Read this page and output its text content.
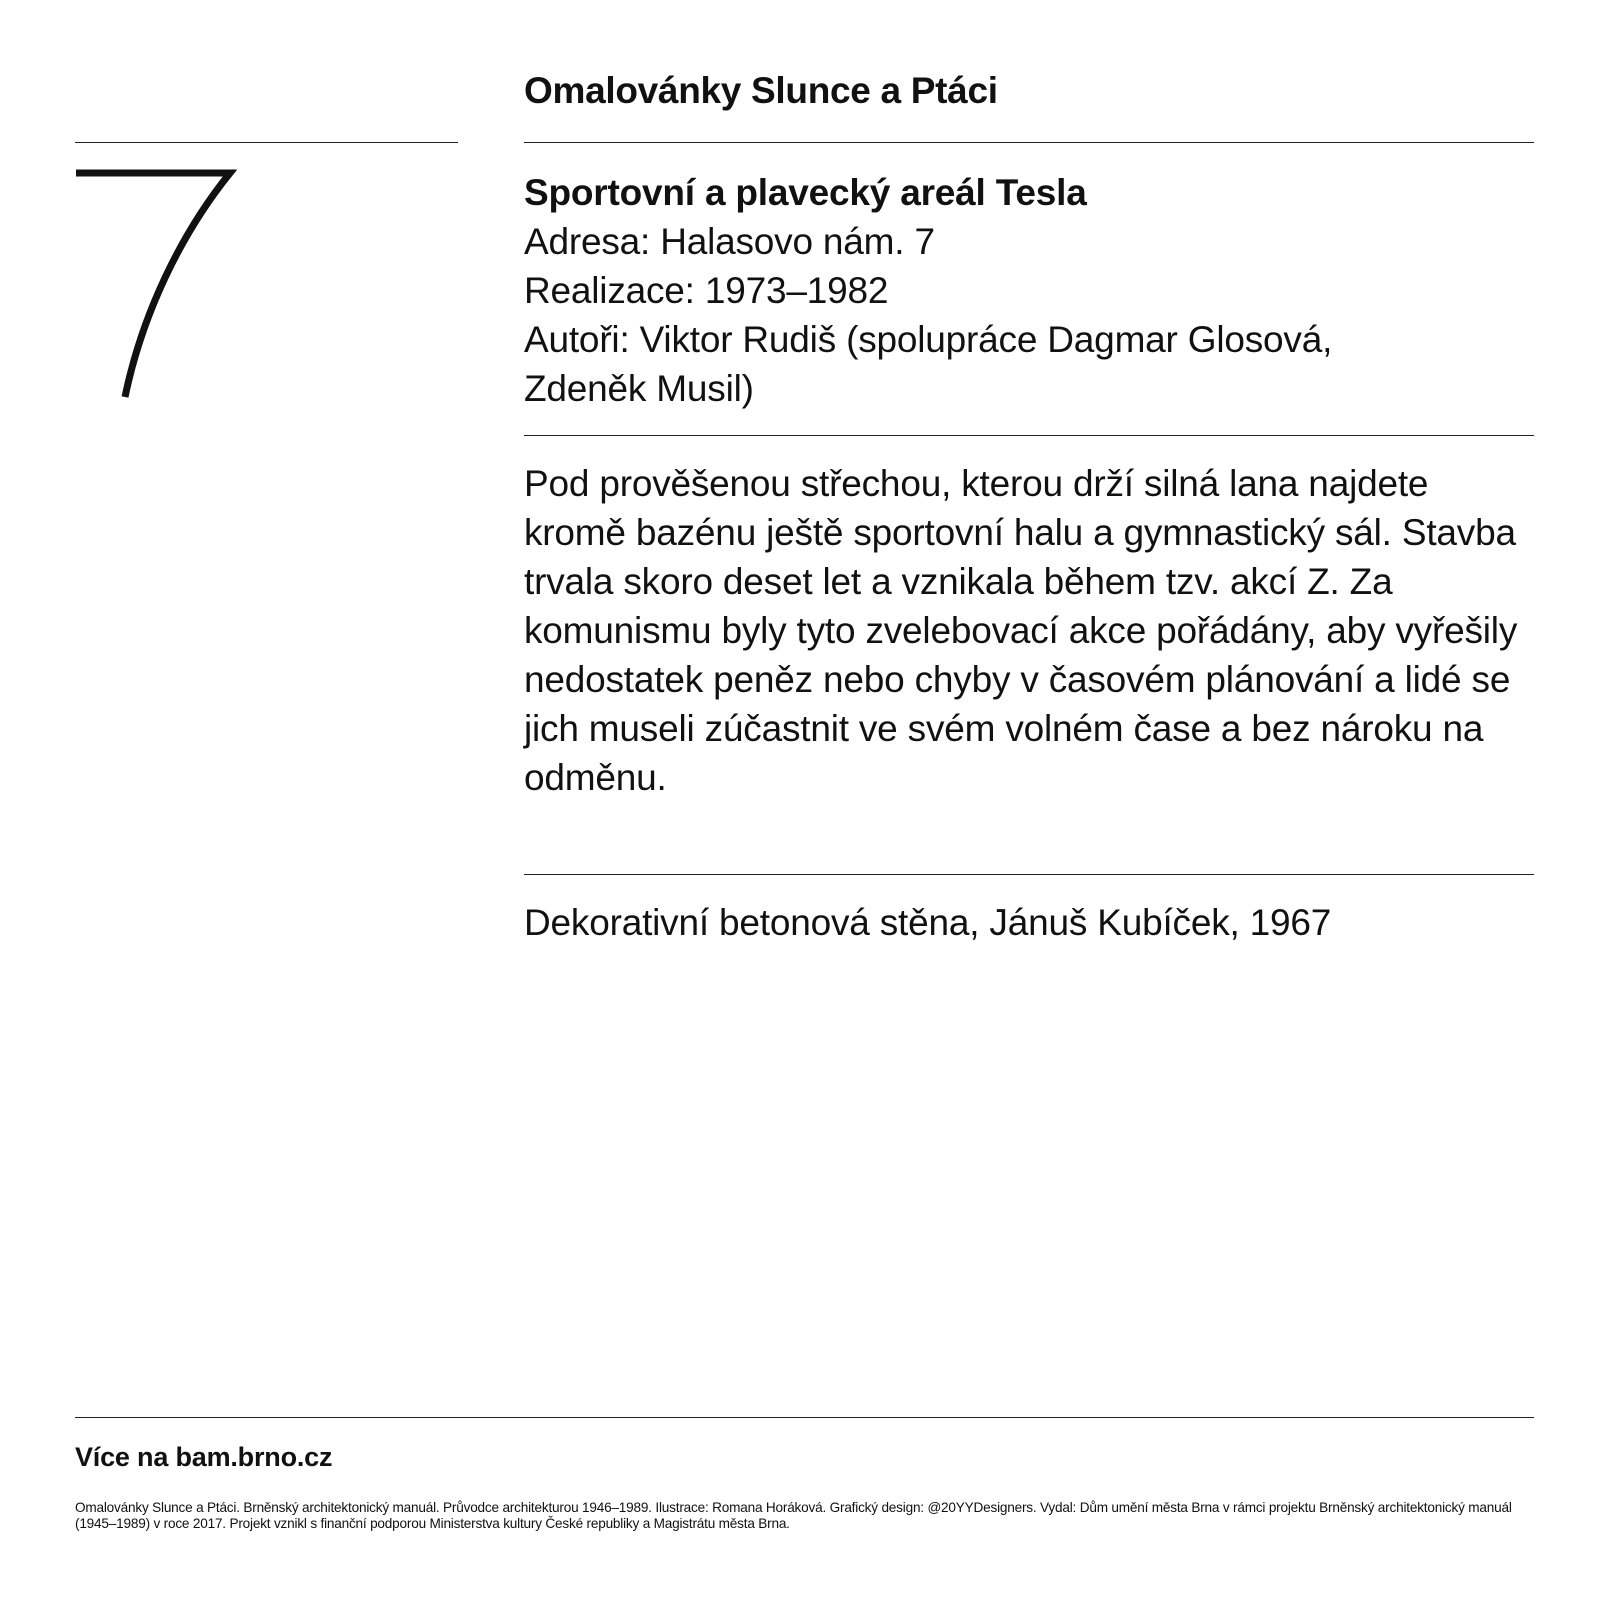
7
Omalovánky Slunce a Ptáci
Sportovní a plavecký areál Tesla
Adresa: Halasovo nám. 7
Realizace: 1973–1982
Autoři: Viktor Rudiš (spolupráce Dagmar Glosová,
Zdeněk Musil)
Pod prověšenou střechou, kterou drží silná lana najdete kromě bazénu ještě sportovní halu a gymnastický sál. Stavba trvala skoro deset let a vznikala během tzv. akcí Z. Za komunismu byly tyto zvelebovací akce pořádány, aby vyřešily nedostatek peněz nebo chyby v časovém plánování a lidé se jich museli zúčastnit ve svém volném čase a bez nároku na odměnu.
Dekorativní betonová stěna, Jánuš Kubíček, 1967
Více na bam.brno.cz
Omalovánky Slunce a Ptáci. Brněnský architektonický manuál. Průvodce architekturou 1946–1989. Ilustrace: Romana Horáková. Grafický design: @20YYDesigners. Vydal: Dům umění města Brna v rámci projektu Brněnský architektonický manuál (1945–1989) v roce 2017. Projekt vznikl s finanční podporou Ministerstva kultury České republiky a Magistrátu města Brna.
